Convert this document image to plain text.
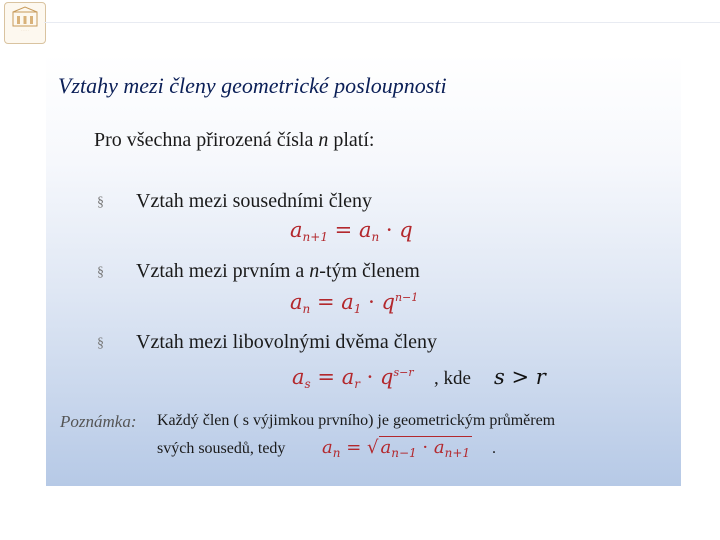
· · · · ·
Vztahy mezi členy geometrické posloupnosti
Pro všechna přirozená čísla n platí:
§ Vztah mezi sousedními členy
$a_{n+1} = a_n \cdot q$
§ Vztah mezi prvním a n-tým členem
$a_n = a_1 \cdot q^{n-1}$
§ Vztah mezi libovolnými dvěma členy
$a_s = a_r \cdot q^{s-r}$ , kde s > r
Poznámka: Každý člen ( s výjimkou prvního) je geometrickým průměrem
svých sousedů, tedy $a_n$ = √ $a_{n-1} \cdot a_{n+1}$ .
